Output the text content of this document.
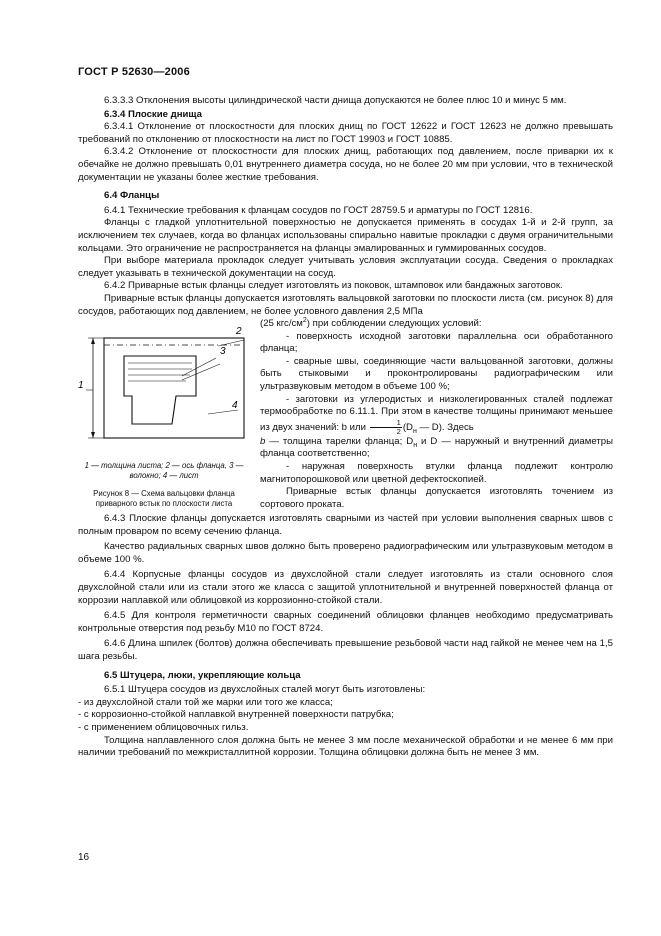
ГОСТ Р 52630—2006

6.3.3.3 Отклонения высоты цилиндрической части днища допускаются не более плюс 10 и минус 5 мм.

6.3.4 Плоские днища

6.3.4.1 Отклонение от плоскостности для плоских днищ по ГОСТ 12622 и ГОСТ 12623 не должно превышать требований по отклонению от плоскостности на лист по ГОСТ 19903 и ГОСТ 10885.

6.3.4.2 Отклонение от плоскостности для плоских днищ, работающих под давлением, после приварки их к обечайке не должно превышать 0,01 внутреннего диаметра сосуда, но не более 20 мм при условии, что в технической документации не указаны более жесткие требования.

6.4 Фланцы

6.4.1 Технические требования к фланцам сосудов по ГОСТ 28759.5 и арматуры по ГОСТ 12816.

Фланцы с гладкой уплотнительной поверхностью не допускается применять в сосудах 1-й и 2-й групп, за исключением тех случаев, когда во фланцах использованы спирально навитые прокладки с двумя ограничительными кольцами. Это ограничение не распространяется на фланцы эмалированных и гуммированных сосудов.

При выборе материала прокладок следует учитывать условия эксплуатации сосуда. Сведения о прокладках следует указывать в технической документации на сосуд.

6.4.2 Приварные встык фланцы следует изготовлять из поковок, штамповок или бандажных заготовок.

Приварные встык фланцы допускается изготовлять вальцовкой заготовки по плоскости листа (см. рисунок 8) для сосудов, работающих под давлением, не более условного давления 2,5 МПа

1
2
3
4
1 — толщина листа; 2 — ось фланца, 3 — волокно; 4 — лист
Рисунок 8 — Схема вальцовки фланца приварного встык по плоскости листа

(25 кгс/$см^2$) при соблюдении следующих условий:

- поверхность исходной заготовки параллельна оси обработанного фланца;

- сварные швы, соединяющие части вальцованной заготовки, должны быть стыковыми и проконтролированы радиографическим или ультразвуковым методом в объеме 100 %;

- заготовки из углеродистых и низколегированных сталей подлежат термообработке по 6.11.1. При этом в качестве толщины принимают меньшее из двух значений: b или $\frac{1}{2} (D_н$ — D). Здесь

b — толщина тарелки фланца; $D_н$ и D — наружный и внутренний диаметры фланца соответственно;

- наружная поверхность втулки фланца подлежит контролю магнитопорошковой или цветной дефектоскопией.

Приварные встык фланцы допускается изготовлять точением из сортового проката.

6.4.3 Плоские фланцы допускается изготовлять сварными из частей при условии выполнения сварных швов с полным проваром по всему сечению фланца.

Качество радиальных сварных швов должно быть проверено радиографическим или ультразвуковым методом в объеме 100 %.

6.4.4 Корпусные фланцы сосудов из двухслойной стали следует изготовлять из стали основного слоя двухслойной стали или из стали этого же класса с защитой уплотнительной и внутренней поверхностей фланца от коррозии наплавкой или облицовкой из коррозионно-стойкой стали.

6.4.5 Для контроля герметичности сварных соединений облицовки фланцев необходимо предусматривать контрольные отверстия под резьбу М10 по ГОСТ 8724.

6.4.6 Длина шпилек (болтов) должна обеспечивать превышение резьбовой части над гайкой не менее чем на 1,5 шага резьбы.

6.5 Штуцера, люки, укрепляющие кольца

6.5.1 Штуцера сосудов из двухслойных сталей могут быть изготовлены:

- из двухслойной стали той же марки или того же класса;

- с коррозионно-стойкой наплавкой внутренней поверхности патрубка;

- с применением облицовочных гильз.

Толщина наплавленного слоя должна быть не менее 3 мм после механической обработки и не менее 6 мм при наличии требований по межкристаллитной коррозии. Толщина облицовки должна быть не менее 3 мм.

16
